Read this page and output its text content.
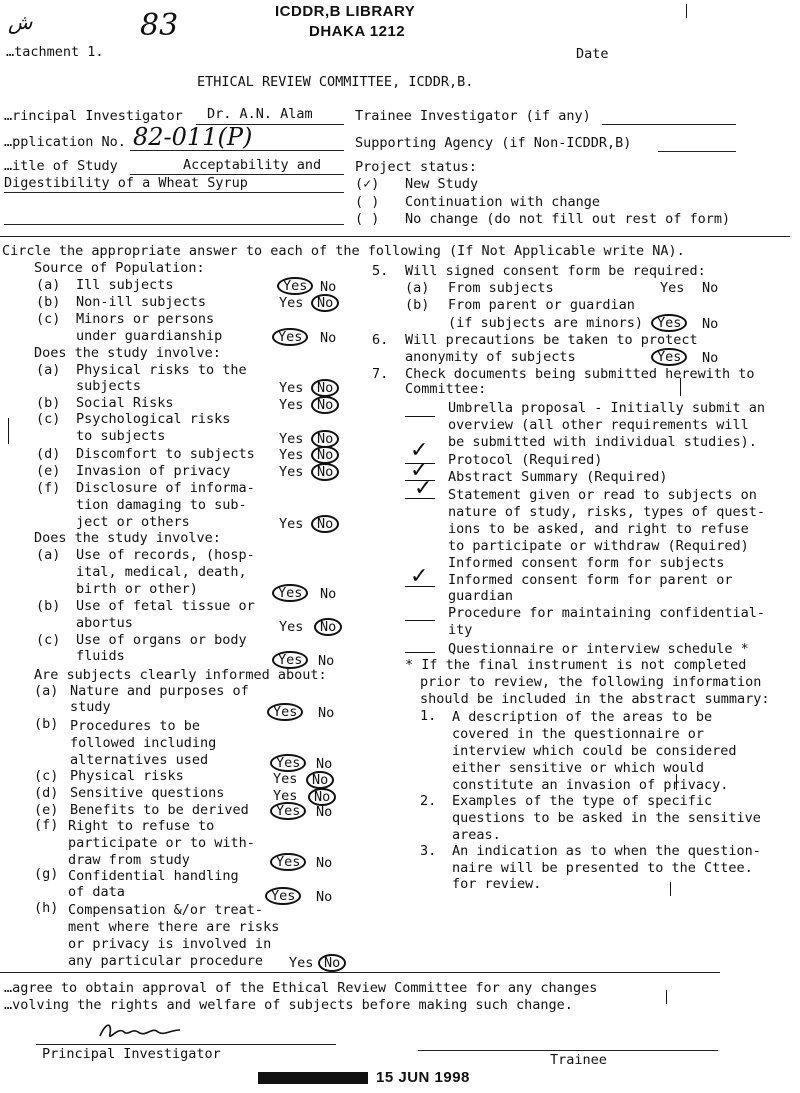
ش	83	ICDDR,B LIBRARY
DHAKA 1212
…tachment 1.	Date
ETHICAL REVIEW COMMITTEE, ICDDR,B.
…rincipal Investigator Dr. A.N. Alam
…pplication No. 82-011(P)
…itle of Study	Acceptability and
Digestibility of a Wheat Syrup
Trainee Investigator (if any)
Supporting Agency (if Non-ICDDR,B)
Project status:
(✓) New Study
( ) Continuation with change
( ) No change (do not fill out rest of form)
Circle the appropriate answer to each of the following (If Not Applicable write NA).
Source of Population:
(a) Ill subjects	Yes No
(b) Non-ill subjects	Yes	No
(c) Minors or persons
under guardianship	Yes	No
Does the study involve:
(a) Physical risks to the
subjects	Yes	No
(b) Social Risks	Yes	No
(c) Psychological risks
to subjects	Yes	No
(d) Discomfort to subjects Yes	No
(e) Invasion of privacy	Yes	No
(f) Disclosure of informa-
tion damaging to sub-
ject or others	Yes	No
Does the study involve:
(a) Use of records, (hosp-
ital, medical, death,
birth or other)	Yes	No
(b) Use of fetal tissue or
abortus	Yes	No
(c) Use of organs or body
fluids	Yes	No
Are subjects clearly informed about:
(a) Nature and purposes of
study	Yes	No
(b) Procedures to be
followed including
alternatives used	Yes	No
(c) Physical risks	Yes	No
(d) Sensitive questions	Yes	No
(e) Benefits to be derived	Yes	No
(f) Right to refuse to
participate or to with-
draw from study	Yes	No
(g) Confidential handling
of data	Yes	No
(h) Compensation &/or treat-
ment where there are risks
or privacy is involved in
any particular procedure Yes No
5. Will signed consent form be required:
(a) From subjects	Yes No
(b) From parent or guardian
(if subjects are minors)	Yes	No
6. Will precautions be taken to protect
anonymity of subjects	Yes	No
7. Check documents being submitted herewith to
Committee:
Umbrella proposal - Initially submit an
overview (all other requirements will
be submitted with individual studies).
✓ Protocol (Required)
✓ Abstract Summary (Required)
✓ Statement given or read to subjects on
nature of study, risks, types of quest-
ions to be asked, and right to refuse
to participate or withdraw (Required)
Informed consent form for subjects
✓ Informed consent form for parent or
guardian
Procedure for maintaining confidential-
ity
Questionnaire or interview schedule *
* If the final instrument is not completed
prior to review, the following information
should be included in the abstract summary:
1. A description of the areas to be
covered in the questionnaire or
interview which could be considered
either sensitive or which would
constitute an invasion of privacy.
2. Examples of the type of specific
questions to be asked in the sensitive
areas.
3. An indication as to when the question-
naire will be presented to the Cttee.
for review.
…agree to obtain approval of the Ethical Review Committee for any changes
…volving the rights and welfare of subjects before making such change.
Principal Investigator	Trainee
15 JUN 1998
